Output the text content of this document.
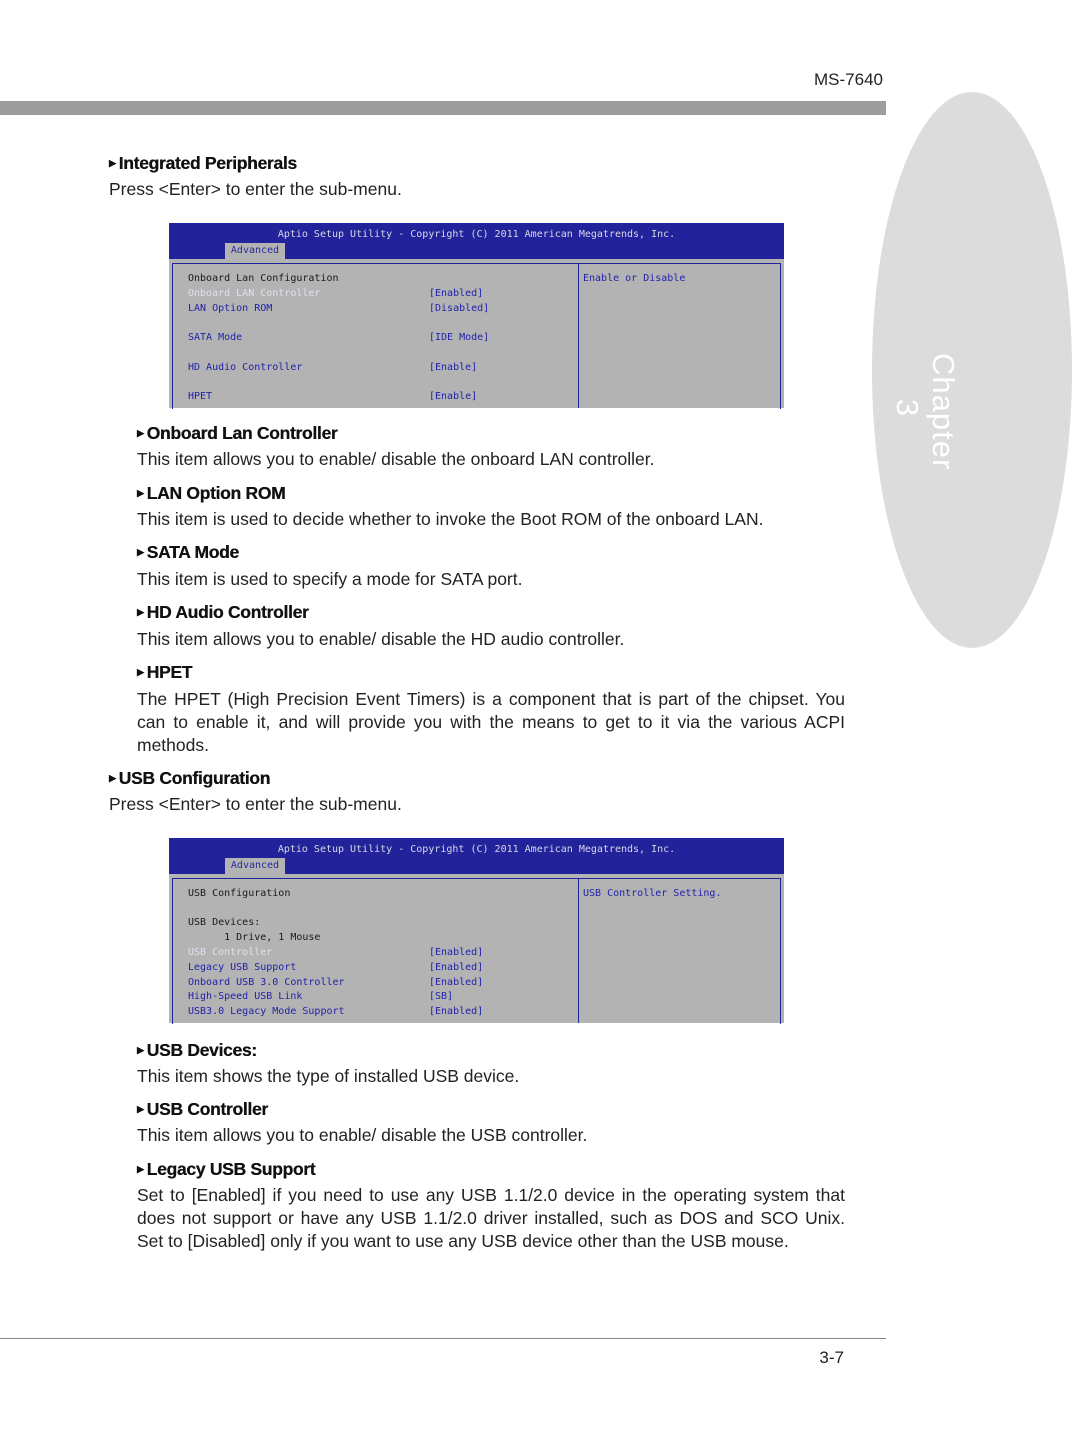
MS-7640
Chapter 3
▶ Integrated Peripherals
Press <Enter> to enter the sub-menu.
Aptio Setup Utility - Copyright (C) 2011 American Megatrends, Inc.
Advanced
Onboard Lan Configuration
Onboard LAN Controller	[Enabled]
LAN Option ROM	[Disabled]
SATA Mode	[IDE Mode]
HD Audio Controller	[Enable]
HPET	[Enable]
Enable or Disable
▶ Onboard Lan Controller
This item allows you to enable/ disable the onboard LAN controller.
▶ LAN Option ROM
This item is used to decide whether to invoke the Boot ROM of the onboard LAN.
▶ SATA Mode
This item is used to specify a mode for SATA port.
▶ HD Audio Controller
This item allows you to enable/ disable the HD audio controller.
▶ HPET
The HPET (High Precision Event Timers) is a component that is part of the chipset. You can to enable it, and will provide you with the means to get to it via the various ACPI methods.
▶ USB Configuration
Press <Enter> to enter the sub-menu.
Aptio Setup Utility - Copyright (C) 2011 American Megatrends, Inc.
Advanced
USB Configuration
USB Devices:
1 Drive, 1 Mouse
USB Controller	[Enabled]
Legacy USB Support	[Enabled]
Onboard USB 3.0 Controller	[Enabled]
High-Speed USB Link	[SB]
USB3.0 Legacy Mode Support	[Enabled]
USB Controller Setting.
▶ USB Devices:
This item shows the type of installed USB device.
▶ USB Controller
This item allows you to enable/ disable the USB controller.
▶ Legacy USB Support
Set to [Enabled] if you need to use any USB 1.1/2.0 device in the operating system that does not support or have any USB 1.1/2.0 driver installed, such as DOS and SCO Unix. Set to [Disabled] only if you want to use any USB device other than the USB mouse.
3-7
